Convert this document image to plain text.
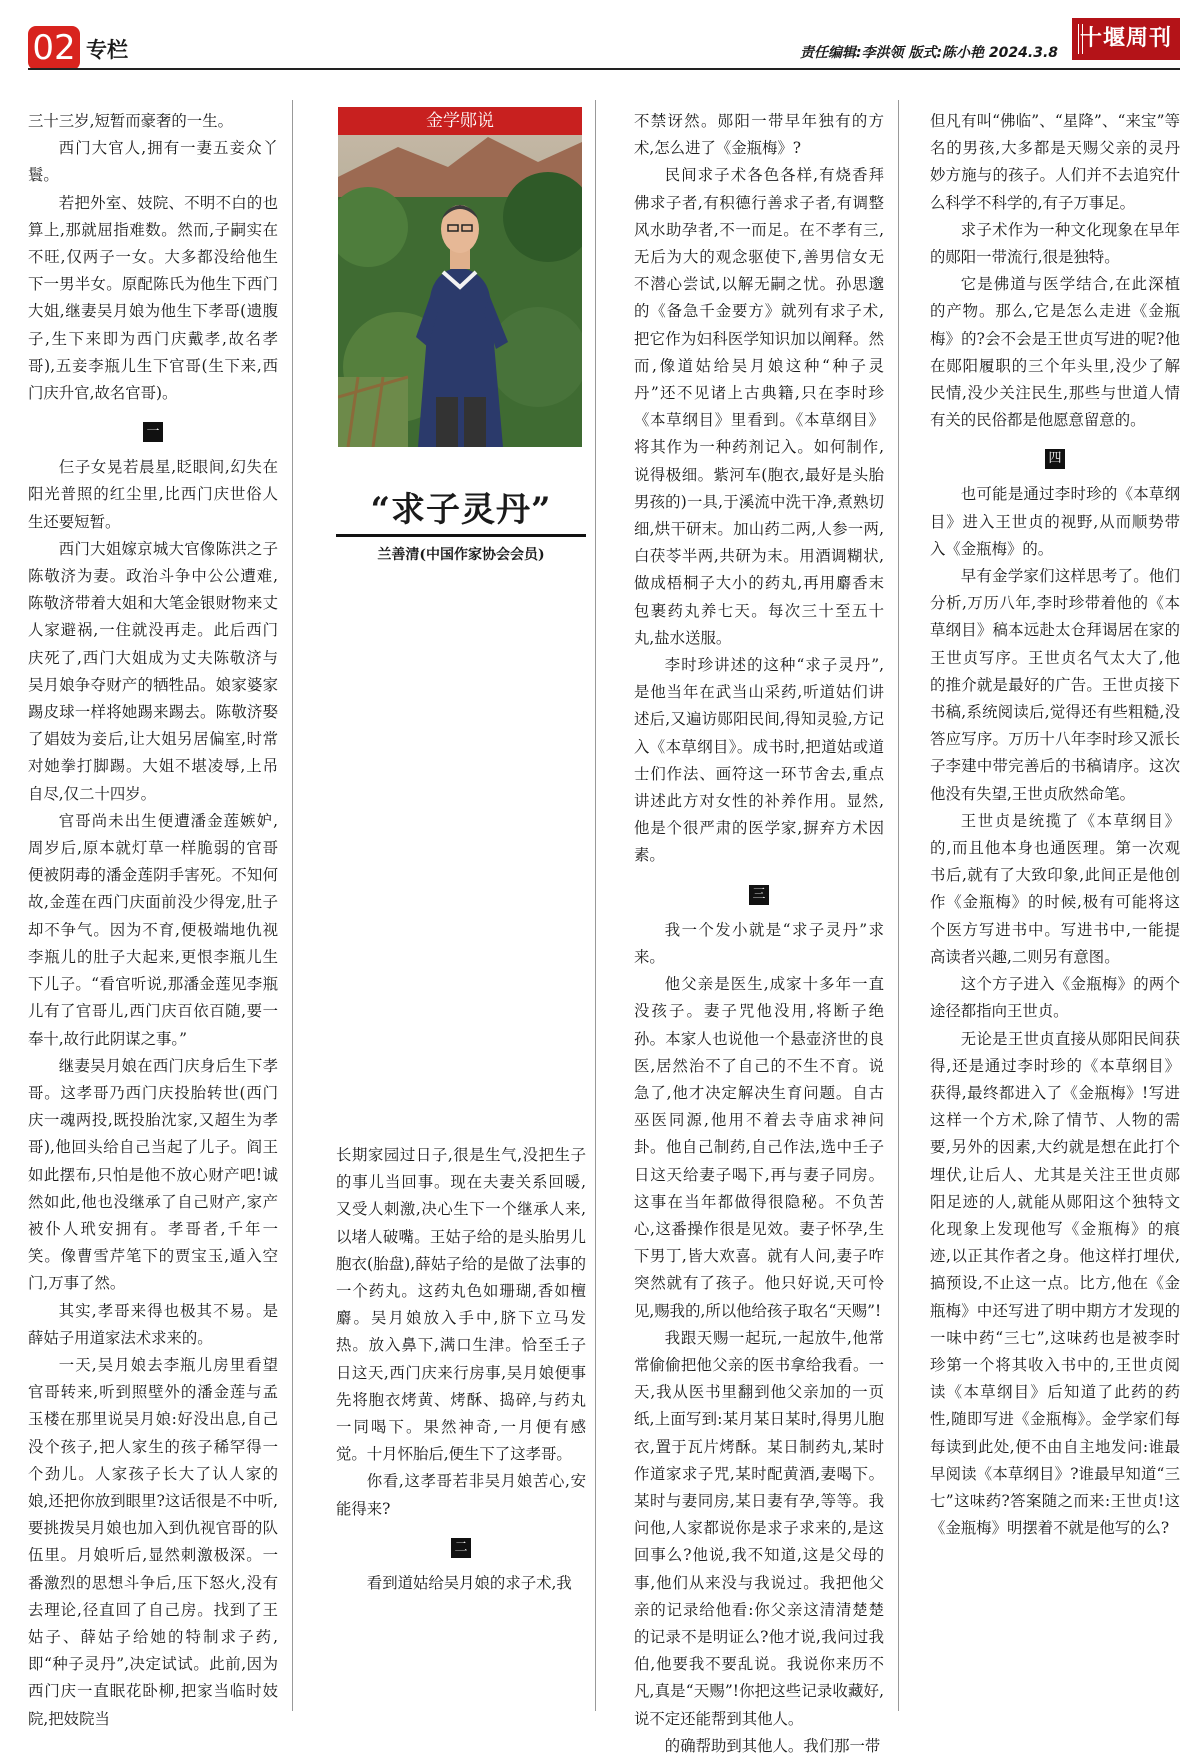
02 专栏	责任编辑:李洪领 版式:陈小艳 2024.3.8
十堰周刊

三十三岁,短暂而豪奢的一生。

西门大官人,拥有一妻五妾众丫鬟。

若把外室、妓院、不明不白的也算上,那就屈指难数。然而,子嗣实在不旺,仅两子一女。大多都没给他生下一男半女。原配陈氏为他生下西门大姐,继妻吴月娘为他生下孝哥(遗腹子,生下来即为西门庆戴孝,故名孝哥),五妾李瓶儿生下官哥(生下来,西门庆升官,故名官哥)。

一

仨子女晃若晨星,眨眼间,幻失在阳光普照的红尘里,比西门庆世俗人生还要短暂。

西门大姐嫁京城大官像陈洪之子陈敬济为妻。政治斗争中公公遭难,陈敬济带着大姐和大笔金银财物来丈人家避祸,一住就没再走。此后西门庆死了,西门大姐成为丈夫陈敬济与吴月娘争夺财产的牺牲品。娘家婆家踢皮球一样将她踢来踢去。陈敬济娶了娼妓为妾后,让大姐另居偏室,时常对她拳打脚踢。大姐不堪凌辱,上吊自尽,仅二十四岁。

官哥尚未出生便遭潘金莲嫉妒,周岁后,原本就灯草一样脆弱的官哥便被阴毒的潘金莲阴手害死。不知何故,金莲在西门庆面前没少得宠,肚子却不争气。因为不育,便极端地仇视李瓶儿的肚子大起来,更恨李瓶儿生下儿子。“看官听说,那潘金莲见李瓶儿有了官哥儿,西门庆百依百随,要一奉十,故行此阴谋之事。”

继妻吴月娘在西门庆身后生下孝哥。这孝哥乃西门庆投胎转世(西门庆一魂两投,既投胎沈家,又超生为孝哥),他回头给自己当起了儿子。阎王如此摆布,只怕是他不放心财产吧!诚然如此,他也没继承了自己财产,家产被仆人玳安拥有。孝哥者,千年一笑。像曹雪芹笔下的贾宝玉,遁入空门,万事了然。

其实,孝哥来得也极其不易。是薛姑子用道家法术求来的。

一天,吴月娘去李瓶儿房里看望官哥转来,听到照壁外的潘金莲与孟玉楼在那里说吴月娘:好没出息,自己没个孩子,把人家生的孩子稀罕得一个劲儿。人家孩子长大了认人家的娘,还把你放到眼里?这话很是不中听,要挑拨吴月娘也加入到仇视官哥的队伍里。月娘听后,显然刺激极深。一番激烈的思想斗争后,压下怒火,没有去理论,径直回了自己房。找到了王姑子、薛姑子给她的特制求子药,即“种子灵丹”,决定试试。此前,因为西门庆一直眠花卧柳,把家当临时妓院,把妓院当

金学郧说
“求子灵丹”
兰善清(中国作家协会会员)

长期家园过日子,很是生气,没把生子的事儿当回事。现在夫妻关系回暖,又受人刺激,决心生下一个继承人来,以堵人破嘴。王姑子给的是头胎男儿胞衣(胎盘),薛姑子给的是做了法事的一个药丸。这药丸色如珊瑚,香如檀麝。吴月娘放入手中,脐下立马发热。放入鼻下,满口生津。恰至壬子日这天,西门庆来行房事,吴月娘便事先将胞衣烤黄、烤酥、捣碎,与药丸一同喝下。果然神奇,一月便有感觉。十月怀胎后,便生下了这孝哥。

你看,这孝哥若非吴月娘苦心,安能得来?

二

看到道姑给吴月娘的求子术,我

不禁讶然。郧阳一带早年独有的方术,怎么进了《金瓶梅》?

民间求子术各色各样,有烧香拜佛求子者,有积德行善求子者,有调整风水助孕者,不一而足。在不孝有三,无后为大的观念驱使下,善男信女无不潜心尝试,以解无嗣之忧。孙思邈的《备急千金要方》就列有求子术,把它作为妇科医学知识加以阐释。然而,像道姑给吴月娘这种“种子灵丹”还不见诸上古典籍,只在李时珍《本草纲目》里看到。《本草纲目》将其作为一种药剂记入。如何制作,说得极细。紫河车(胞衣,最好是头胎男孩的)一具,于溪流中洗干净,煮熟切细,烘干研末。加山药二两,人参一两,白茯苓半两,共研为末。用酒调糊状,做成梧桐子大小的药丸,再用麝香末包裹药丸养七天。每次三十至五十丸,盐水送服。

李时珍讲述的这种“求子灵丹”,是他当年在武当山采药,听道姑们讲述后,又遍访郧阳民间,得知灵验,方记入《本草纲目》。成书时,把道姑或道士们作法、画符这一环节舍去,重点讲述此方对女性的补养作用。显然,他是个很严肃的医学家,摒弃方术因素。

三

我一个发小就是“求子灵丹”求来。

他父亲是医生,成家十多年一直没孩子。妻子咒他没用,将断子绝孙。本家人也说他一个悬壶济世的良医,居然治不了自己的不生不育。说急了,他才决定解决生育问题。自古巫医同源,他用不着去寺庙求神问卦。他自己制药,自己作法,选中壬子日这天给妻子喝下,再与妻子同房。这事在当年都做得很隐秘。不负苦心,这番操作很是见效。妻子怀孕,生下男丁,皆大欢喜。就有人问,妻子咋突然就有了孩子。他只好说,天可怜见,赐我的,所以他给孩子取名“天赐”!

我跟天赐一起玩,一起放牛,他常常偷偷把他父亲的医书拿给我看。一天,我从医书里翻到他父亲加的一页纸,上面写到:某月某日某时,得男儿胞衣,置于瓦片烤酥。某日制药丸,某时作道家求子咒,某时配黄酒,妻喝下。某时与妻同房,某日妻有孕,等等。我问他,人家都说你是求子求来的,是这回事么?他说,我不知道,这是父母的事,他们从来没与我说过。我把他父亲的记录给他看:你父亲这清清楚楚的记录不是明证么?他才说,我问过我伯,他要我不要乱说。我说你来历不凡,真是“天赐”!你把这些记录收藏好,说不定还能帮到其他人。

的确帮助到其他人。我们那一带

但凡有叫“佛临”、“星降”、“来宝”等名的男孩,大多都是天赐父亲的灵丹妙方施与的孩子。人们并不去追究什么科学不科学的,有子万事足。

求子术作为一种文化现象在早年的郧阳一带流行,很是独特。

它是佛道与医学结合,在此深植的产物。那么,它是怎么走进《金瓶梅》的?会不会是王世贞写进的呢?他在郧阳履职的三个年头里,没少了解民情,没少关注民生,那些与世道人情有关的民俗都是他愿意留意的。

四

也可能是通过李时珍的《本草纲目》进入王世贞的视野,从而顺势带入《金瓶梅》的。

早有金学家们这样思考了。他们分析,万历八年,李时珍带着他的《本草纲目》稿本远赴太仓拜谒居在家的王世贞写序。王世贞名气太大了,他的推介就是最好的广告。王世贞接下书稿,系统阅读后,觉得还有些粗糙,没答应写序。万历十八年李时珍又派长子李建中带完善后的书稿请序。这次他没有失望,王世贞欣然命笔。

王世贞是统揽了《本草纲目》的,而且他本身也通医理。第一次观书后,就有了大致印象,此间正是他创作《金瓶梅》的时候,极有可能将这个医方写进书中。写进书中,一能提高读者兴趣,二则另有意图。

这个方子进入《金瓶梅》的两个途径都指向王世贞。

无论是王世贞直接从郧阳民间获得,还是通过李时珍的《本草纲目》获得,最终都进入了《金瓶梅》!写进这样一个方术,除了情节、人物的需要,另外的因素,大约就是想在此打个埋伏,让后人、尤其是关注王世贞郧阳足迹的人,就能从郧阳这个独特文化现象上发现他写《金瓶梅》的痕迹,以正其作者之身。他这样打埋伏,搞预设,不止这一点。比方,他在《金瓶梅》中还写进了明中期方才发现的一味中药“三七”,这味药也是被李时珍第一个将其收入书中的,王世贞阅读《本草纲目》后知道了此药的药性,随即写进《金瓶梅》。金学家们每每读到此处,便不由自主地发问:谁最早阅读《本草纲目》?谁最早知道“三七”这味药?答案随之而来:王世贞!这《金瓶梅》明摆着不就是他写的么?
